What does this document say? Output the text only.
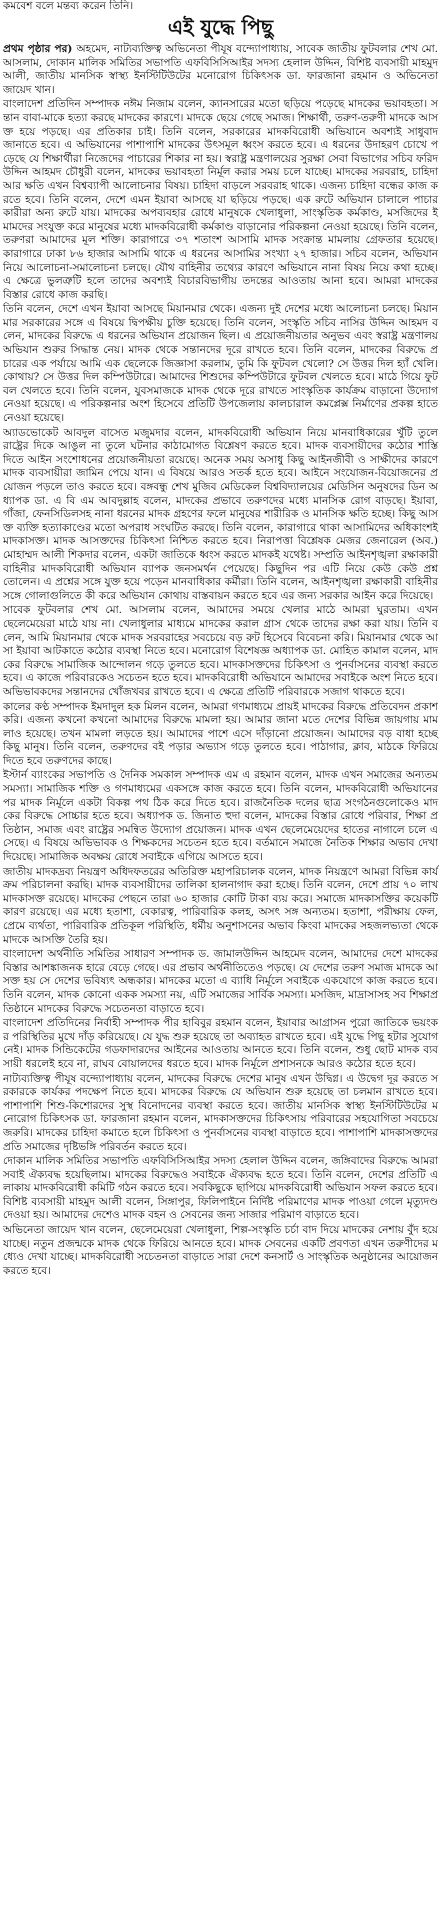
কমবেশ বলে মন্তব্য করেন তিনি।

এই যুদ্ধে পিছু

প্রথম পৃষ্ঠার পর) অহমেদ, নাট্যব্যক্তিত্ব অভিনেতা পীযূষ বন্দ্যোপাধ্যায়, সাবেক জাতীয় ফুটবলার শেখ মো. আসলাম, দোকান মালিক সমিতির সভাপতি এফবিসিসিআইর সদস্য হেলাল উদ্দিন, বিশিষ্ট ব্যবসায়ী মাহমুদ আলী, জাতীয় মানসিক স্বাস্থ্য ইনস্টিটিউটের মনোরোগ চিকিৎসক ডা. ফারজানা রহমান ও অভিনেতা জায়েদ খান।

বাংলাদেশ প্রতিদিন সম্পাদক নঈম নিজাম বলেন, ক্যানসারের মতো ছড়িয়ে পড়েছে মাদকের ভয়াবহতা। সন্তান বাবা-মাকে হত্যা করছে মাদকের কারণে। মাদকে ছেয়ে গেছে সমাজ। শিক্ষার্থী, তরুণ-তরুণী মাদকে আসক্ত হয়ে পড়ছে। এর প্রতিকার চাই। তিনি বলেন, সরকারের মাদকবিরোধী অভিযানে অবশ্যই সাধুবাদ জানাতে হবে। এ অভিযানের পাশাপাশি মাদকের উৎসমূল ধ্বংস করতে হবে। এ ধরনের উদাহরণ চোখে পড়েছে যে শিক্ষার্থীরা নিজেদের পাচারের শিকার না হয়। স্বরাষ্ট্র মন্ত্রণালয়ের সুরক্ষা সেবা বিভাগের সচিব ফরিদ উদ্দিন আহমদ চৌধুরী বলেন, মাদকের ভয়াবহতা নির্মূল করার সময় চলে যাচ্ছে। মাদকের সরবরাহ, চাহিদা আর ক্ষতি এখন বিশ্বব্যাপী আলোচনার বিষয়। চাহিদা বাড়লে সরবরাহ থাকে। এজন্য চাহিদা বন্ধের কাজ করতে হবে। তিনি বলেন, দেশে এমন ইয়াবা আসছে যা ছড়িয়ে পড়ছে। এক রুটে অভিযান চালালে পাচারকারীরা অন্য রুটে যায়। মাদকের অপব্যবহার রোধে মানুষকে খেলাধুলা, সাংস্কৃতিক কর্মকাণ্ড, মসজিদের ইমামদের সংযুক্ত করে মানুষের মধ্যে মাদকবিরোধী কর্মকাণ্ড বাড়ানোর পরিকল্পনা নেওয়া হয়েছে। তিনি বলেন, তরুণরা আমাদের মূল শক্তি। কারাগারে ৩৭ শতাংশ আসামি মাদক সংক্রান্ত মামলায় গ্রেফতার হয়েছে। কারাগারে ঢাকা ৮৬ হাজার আসামি থাকে এ ধরনের আসামির সংখ্যা ২৭ হাজার। সচিব বলেন, অভিযান নিয়ে আলোচনা-সমালোচনা চলছে। যৌথ বাহিনীর তথ্যের কারণে অভিযানে নানা বিষয় নিয়ে কথা হচ্ছে। এ ক্ষেত্রে ভুলত্রুটি হলে তাদের অবশ্যই বিচারবিভাগীয় তদন্তের আওতায় আনা হবে। আমরা মাদকের বিস্তার রোধে কাজ করছি।

তিনি বলেন, দেশে এখন ইয়াবা আসছে মিয়ানমার থেকে। এজন্য দুই দেশের মধ্যে আলোচনা চলছে। মিয়ানমার সরকারের সঙ্গে এ বিষয়ে দ্বিপক্ষীয় চুক্তি হয়েছে। তিনি বলেন, সংস্কৃতি সচিব নাসির উদ্দিন আহমদ বলেন, মাদকের বিরুদ্ধে এ ধরনের অভিযান প্রয়োজন ছিল। এ প্রয়োজনীয়তার অনুভব এবং স্বরাষ্ট্র মন্ত্রণালয় অভিযান শুরুর সিদ্ধান্ত নেয়। মাদক থেকে সন্তানদের দূরে রাখতে হবে। তিনি বলেন, মাদকের বিরুদ্ধে প্রচারের এক পর্যায়ে আমি এক ছেলেকে জিজ্ঞাসা করলাম, তুমি কি ফুটবল খেলো? সে উত্তর দিল হ্যাঁ খেলি। কোথায়? সে উত্তর দিল কম্পিউটারে। আমাদের শিশুদের কম্পিউটারে ফুটবল খেলতে হবে। মাঠে গিয়ে ফুটবল খেলতে হবে। তিনি বলেন, যুবসমাজকে মাদক থেকে দূরে রাখতে সাংস্কৃতিক কার্যক্রম বাড়ানো উদ্যোগ নেওয়া হয়েছে। এ পরিকল্পনার অংশ হিসেবে প্রতিটি উপজেলায় কালচারাল কমপ্লেক্স নির্মাণের প্রকল্প হাতে নেওয়া হয়েছে।

অ্যাডভোকেট আবদুল বাসেত মজুমদার বলেন, মাদকবিরোধী অভিযান নিয়ে মানবাধিকারের খুঁটি তুলে রাষ্ট্রের দিকে আঙুল না তুলে ঘটনার কাঠামোগত বিশ্লেষণ করতে হবে। মাদক ব্যবসায়ীদের কঠোর শাস্তি দিতে আইন সংশোধনের প্রয়োজনীয়তা রয়েছে। অনেক সময় অসাধু কিছু আইনজীবী ও সাক্ষীদের কারণে মাদক ব্যবসায়ীরা জামিন পেয়ে যান। এ বিষয়ে আরও সতর্ক হতে হবে। আইনে সংযোজন-বিয়োজনের প্রয়োজন পড়লে তাও করতে হবে। বঙ্গবন্ধু শেখ মুজিব মেডিকেল বিশ্ববিদ্যালয়ের মেডিসিন অনুষদের ডিন অধ্যাপক ডা. এ বি এম আবদুল্লাহ বলেন, মাদকের প্রভাবে তরুণদের মধ্যে মানসিক রোগ বাড়ছে। ইয়াবা, গাঁজা, ফেনসিডিলসহ নানা ধরনের মাদক গ্রহণের ফলে মানুষের শারীরিক ও মানসিক ক্ষতি হচ্ছে। কিছু আসক্ত ব্যক্তি হত্যাকাণ্ডের মতো অপরাধ সংঘটিত করছে। তিনি বলেন, কারাগারে থাকা আসামিদের অধিকাংশই মাদকাসক্ত। মাদক আসক্তদের চিকিৎসা নিশ্চিত করতে হবে। নিরাপত্তা বিশ্লেষক মেজর জেনারেল (অব.) মোহাম্মদ আলী শিকদার বলেন, একটা জাতিকে ধ্বংস করতে মাদকই যথেষ্ট। সম্প্রতি আইনশৃঙ্খলা রক্ষাকারী বাহিনীর মাদকবিরোধী অভিযান ব্যাপক জনসমর্থন পেয়েছে। কিছুদিন পর এটি নিয়ে কেউ কেউ প্রশ্ন তোলেন। এ প্রশ্নের সঙ্গে যুক্ত হয়ে পড়েন মানবাধিকার কর্মীরা। তিনি বলেন, আইনশৃঙ্খলা রক্ষাকারী বাহিনীর সঙ্গে গোলাগুলিতে কী করে অভিযান কোথায় বাস্তবায়ন করতে হবে এর জন্য সরকার আইন করে দিয়েছে।

সাবেক ফুটবলার শেখ মো. আসলাম বলেন, আমাদের সময়ে খেলার মাঠে আমরা ঘুরতাম। এখন ছেলেমেয়েরা মাঠে যায় না। খেলাধুলার মাধ্যমে মাদকের করাল গ্রাস থেকে তাদের রক্ষা করা যায়। তিনি বলেন, আমি মিয়ানমার থেকে মাদক সরবরাহের সবচেয়ে বড় রুট হিসেবে বিবেচনা করি। মিয়ানমার থেকে আসা ইয়াবা আটকাতে কঠোর ব্যবস্থা নিতে হবে। মনোরোগ বিশেষজ্ঞ অধ্যাপক ডা. মোহিত কামাল বলেন, মাদকের বিরুদ্ধে সামাজিক আন্দোলন গড়ে তুলতে হবে। মাদকাসক্তদের চিকিৎসা ও পুনর্বাসনের ব্যবস্থা করতে হবে। এ কাজে পরিবারকেও সচেতন হতে হবে। মাদকবিরোধী অভিযানে আমাদের সবাইকে অংশ নিতে হবে। অভিভাবকদের সন্তানদের খোঁজখবর রাখতে হবে। এ ক্ষেত্রে প্রতিটি পরিবারকে সজাগ থাকতে হবে।

কালের কণ্ঠ সম্পাদক ইমদাদুল হক মিলন বলেন, আমরা গণমাধ্যমে প্রায়ই মাদকের বিরুদ্ধে প্রতিবেদন প্রকাশ করি। এজন্য কখনো কখনো আমাদের বিরুদ্ধে মামলা হয়। আমার জানা মতে দেশের বিভিন্ন জায়গায় মামলাও হয়েছে। তখন মামলা লড়তে হয়। আমাদের পাশে এসে দাঁড়ানো প্রয়োজন। আমাদের বড় বাধা হচ্ছে কিছু মানুষ। তিনি বলেন, তরুণদের বই পড়ার অভ্যাস গড়ে তুলতে হবে। পাঠাগার, ক্লাব, মাঠকে ফিরিয়ে দিতে হবে তরুণদের কাছে।

ইস্টার্ন ব্যাংকের সভাপতি ও দৈনিক সমকাল সম্পাদক এম এ রহমান বলেন, মাদক এখন সমাজের অন্যতম সমস্যা। সামাজিক শক্তি ও গণমাধ্যমের একসঙ্গে কাজ করতে হবে। তিনি বলেন, মাদকবিরোধী অভিযানের পর মাদক নির্মূলে একটা বিকল্প পথ ঠিক করে দিতে হবে। রাজনৈতিক দলের ছাত্র সংগঠনগুলোকেও মাদকের বিরুদ্ধে সোচ্চার হতে হবে। অধ্যাপক ড. জিনাত হুদা বলেন, মাদকের বিস্তার রোধে পরিবার, শিক্ষা প্রতিষ্ঠান, সমাজ এবং রাষ্ট্রের সমন্বিত উদ্যোগ প্রয়োজন। মাদক এখন ছেলেমেয়েদের হাতের নাগালে চলে এসেছে। এ বিষয়ে অভিভাবক ও শিক্ষকদের সচেতন হতে হবে। বর্তমানে সমাজে নৈতিক শিক্ষার অভাব দেখা দিয়েছে। সামাজিক অবক্ষয় রোধে সবাইকে এগিয়ে আসতে হবে।

জাতীয় মাদকদ্রব্য নিয়ন্ত্রণ অধিদফতরের অতিরিক্ত মহাপরিচালক বলেন, মাদক নিয়ন্ত্রণে আমরা বিভিন্ন কার্যক্রম পরিচালনা করছি। মাদক ব্যবসায়ীদের তালিকা হালনাগাদ করা হচ্ছে। তিনি বলেন, দেশে প্রায় ৭০ লাখ মাদকাসক্ত রয়েছে। মাদকের পেছনে তারা ৬০ হাজার কোটি টাকা ব্যয় করে। সমাজে মাদকাসক্তির কয়েকটি কারণ রয়েছে। এর মধ্যে হতাশা, বেকারত্ব, পারিবারিক কলহ, অসৎ সঙ্গ অন্যতম। হতাশা, পরীক্ষায় ফেল, প্রেমে ব্যর্থতা, পারিবারিক প্রতিকূল পরিস্থিতি, ধর্মীয় অনুশাসনের অভাব কিংবা মাদকের সহজলভ্যতা থেকে মাদকে আসক্তি তৈরি হয়।

বাংলাদেশ অর্থনীতি সমিতির সাধারণ সম্পাদক ড. জামালউদ্দিন আহমেদ বলেন, আমাদের দেশে মাদকের বিস্তার আশঙ্কাজনক হারে বেড়ে গেছে। এর প্রভাব অর্থনীতিতেও পড়ছে। যে দেশের তরুণ সমাজ মাদকে আসক্ত হয় সে দেশের ভবিষ্যৎ অন্ধকার। মাদকের মতো এ ব্যাধি নির্মূলে সবাইকে একযোগে কাজ করতে হবে। তিনি বলেন, মাদক কোনো একক সমস্যা নয়, এটি সমাজের সার্বিক সমস্যা। মসজিদ, মাদ্রাসাসহ সব শিক্ষাপ্রতিষ্ঠানে মাদকের বিরুদ্ধে সচেতনতা বাড়াতে হবে।

বাংলাদেশ প্রতিদিনের নির্বাহী সম্পাদক পীর হাবিবুর রহমান বলেন, ইয়াবার আগ্রাসন পুরো জাতিকে ভয়ংকর পরিস্থিতির মুখে দাঁড় করিয়েছে। যে যুদ্ধ শুরু হয়েছে তা অব্যাহত রাখতে হবে। এই যুদ্ধে পিছু হটার সুযোগ নেই। মাদক সিন্ডিকেটের গডফাদারদের আইনের আওতায় আনতে হবে। তিনি বলেন, শুধু ছোট মাদক ব্যবসায়ী ধরলেই হবে না, রাঘব বোয়ালদের ধরতে হবে। মাদক নির্মূলে প্রশাসনকে আরও কঠোর হতে হবে।

নাট্যব্যক্তিত্ব পীযূষ বন্দ্যোপাধ্যায় বলেন, মাদকের বিরুদ্ধে দেশের মানুষ এখন উদ্বিগ্ন। এ উদ্বেগ দূর করতে সরকারকে কার্যকর পদক্ষেপ নিতে হবে। মাদকের বিরুদ্ধে যে অভিযান শুরু হয়েছে তা চলমান রাখতে হবে। পাশাপাশি শিশু-কিশোরদের সুস্থ বিনোদনের ব্যবস্থা করতে হবে। জাতীয় মানসিক স্বাস্থ্য ইনস্টিটিউটের মনোরোগ চিকিৎসক ডা. ফারজানা রহমান বলেন, মাদকাসক্তদের চিকিৎসায় পরিবারের সহযোগিতা সবচেয়ে জরুরি। মাদকের চাহিদা কমাতে হলে চিকিৎসা ও পুনর্বাসনের ব্যবস্থা বাড়াতে হবে। পাশাপাশি মাদকাসক্তদের প্রতি সমাজের দৃষ্টিভঙ্গি পরিবর্তন করতে হবে।

দোকান মালিক সমিতির সভাপতি এফবিসিসিআইর সদস্য হেলাল উদ্দিন বলেন, জঙ্গিবাদের বিরুদ্ধে আমরা সবাই ঐক্যবদ্ধ হয়েছিলাম। মাদকের বিরুদ্ধেও সবাইকে ঐক্যবদ্ধ হতে হবে। তিনি বলেন, দেশের প্রতিটি এলাকায় মাদকবিরোধী কমিটি গঠন করতে হবে। সবকিছুকে ছাপিয়ে মাদকবিরোধী অভিযান সফল করতে হবে। বিশিষ্ট ব্যবসায়ী মাহমুদ আলী বলেন, সিঙ্গাপুর, ফিলিপাইনে নির্দিষ্ট পরিমাণের মাদক পাওয়া গেলে মৃত্যুদণ্ড দেওয়া হয়। আমাদের দেশেও মাদক বহন ও সেবনের জন্য সাজার পরিমাণ বাড়াতে হবে।

অভিনেতা জায়েদ খান বলেন, ছেলেমেয়েরা খেলাধুলা, শিল্প-সংস্কৃতি চর্চা বাদ দিয়ে মাদকের নেশায় বুঁদ হয়ে যাচ্ছে। নতুন প্রজন্মকে মাদক থেকে ফিরিয়ে আনতে হবে। মাদক সেবনের একটি প্রবণতা এখন তরুণীদের মধ্যেও দেখা যাচ্ছে। মাদকবিরোধী সচেতনতা বাড়াতে সারা দেশে কনসার্ট ও সাংস্কৃতিক অনুষ্ঠানের আয়োজন করতে হবে।
